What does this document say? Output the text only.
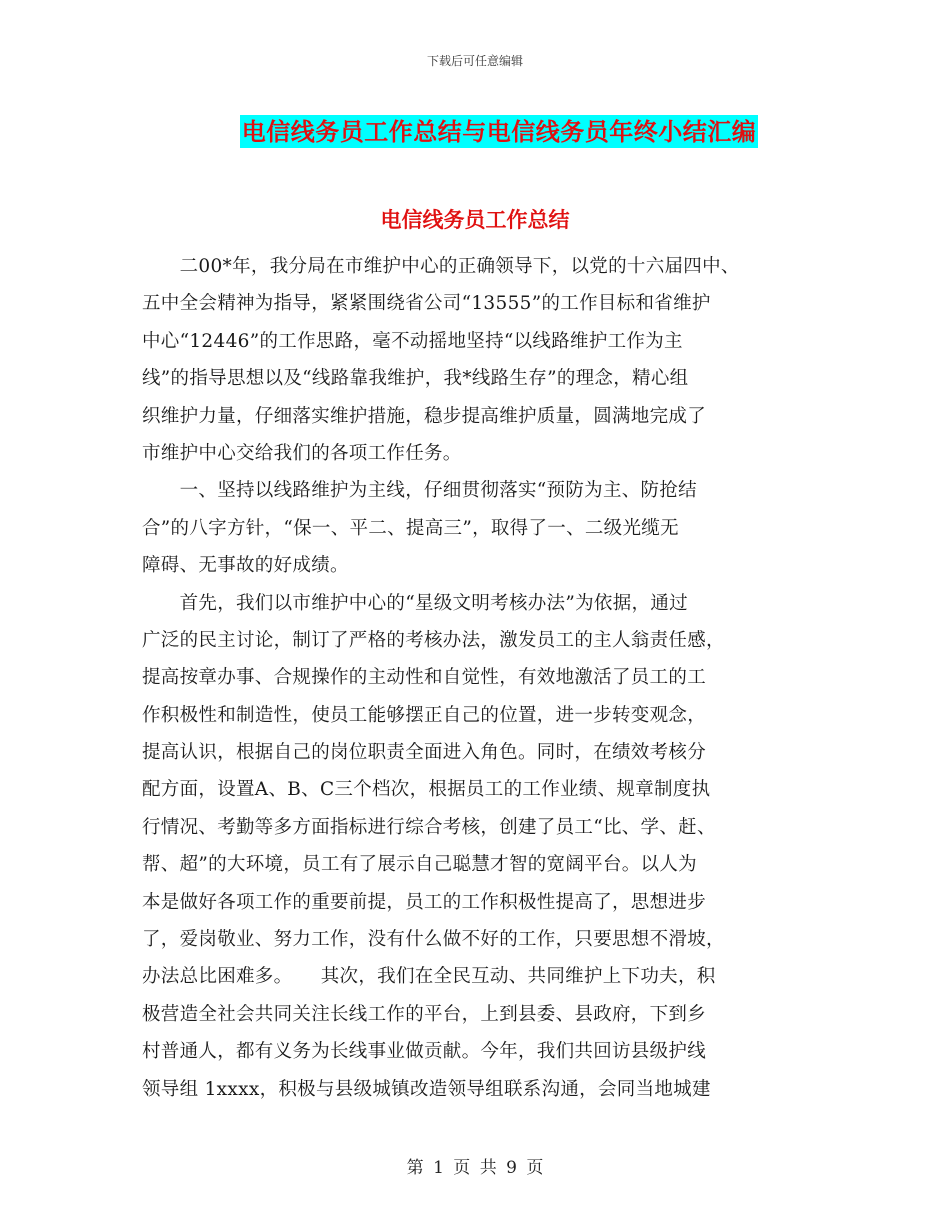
下载后可任意编辑
电信线务员工作总结与电信线务员年终小结汇编
电信线务员工作总结
　　二00*年，我分局在市维护中心的正确领导下，以党的十六届四中、
五中全会精神为指导，紧紧围绕省公司“13555”的工作目标和省维护
中心“12446”的工作思路，毫不动摇地坚持“以线路维护工作为主
线”的指导思想以及“线路靠我维护，我*线路生存”的理念，精心组
织维护力量，仔细落实维护措施，稳步提高维护质量，圆满地完成了
市维护中心交给我们的各项工作任务。
　　一、坚持以线路维护为主线，仔细贯彻落实“预防为主、防抢结
合”的八字方针，“保一、平二、提高三”，取得了一、二级光缆无
障碍、无事故的好成绩。
　　首先，我们以市维护中心的“星级文明考核办法”为依据，通过
广泛的民主讨论，制订了严格的考核办法，激发员工的主人翁责任感，
提高按章办事、合规操作的主动性和自觉性，有效地激活了员工的工
作积极性和制造性，使员工能够摆正自己的位置，进一步转变观念，
提高认识，根据自己的岗位职责全面进入角色。同时，在绩效考核分
配方面，设置A、B、C三个档次，根据员工的工作业绩、规章制度执
行情况、考勤等多方面指标进行综合考核，创建了员工“比、学、赶、
帮、超”的大环境，员工有了展示自己聪慧才智的宽阔平台。以人为
本是做好各项工作的重要前提，员工的工作积极性提高了，思想进步
了，爱岗敬业、努力工作，没有什么做不好的工作，只要思想不滑坡，
办法总比困难多。　　其次，我们在全民互动、共同维护上下功夫，积
极营造全社会共同关注长线工作的平台，上到县委、县政府，下到乡
村普通人，都有义务为长线事业做贡献。今年，我们共回访县级护线
领导组 1xxxx，积极与县级城镇改造领导组联系沟通，会同当地城建
第 1 页 共 9 页
